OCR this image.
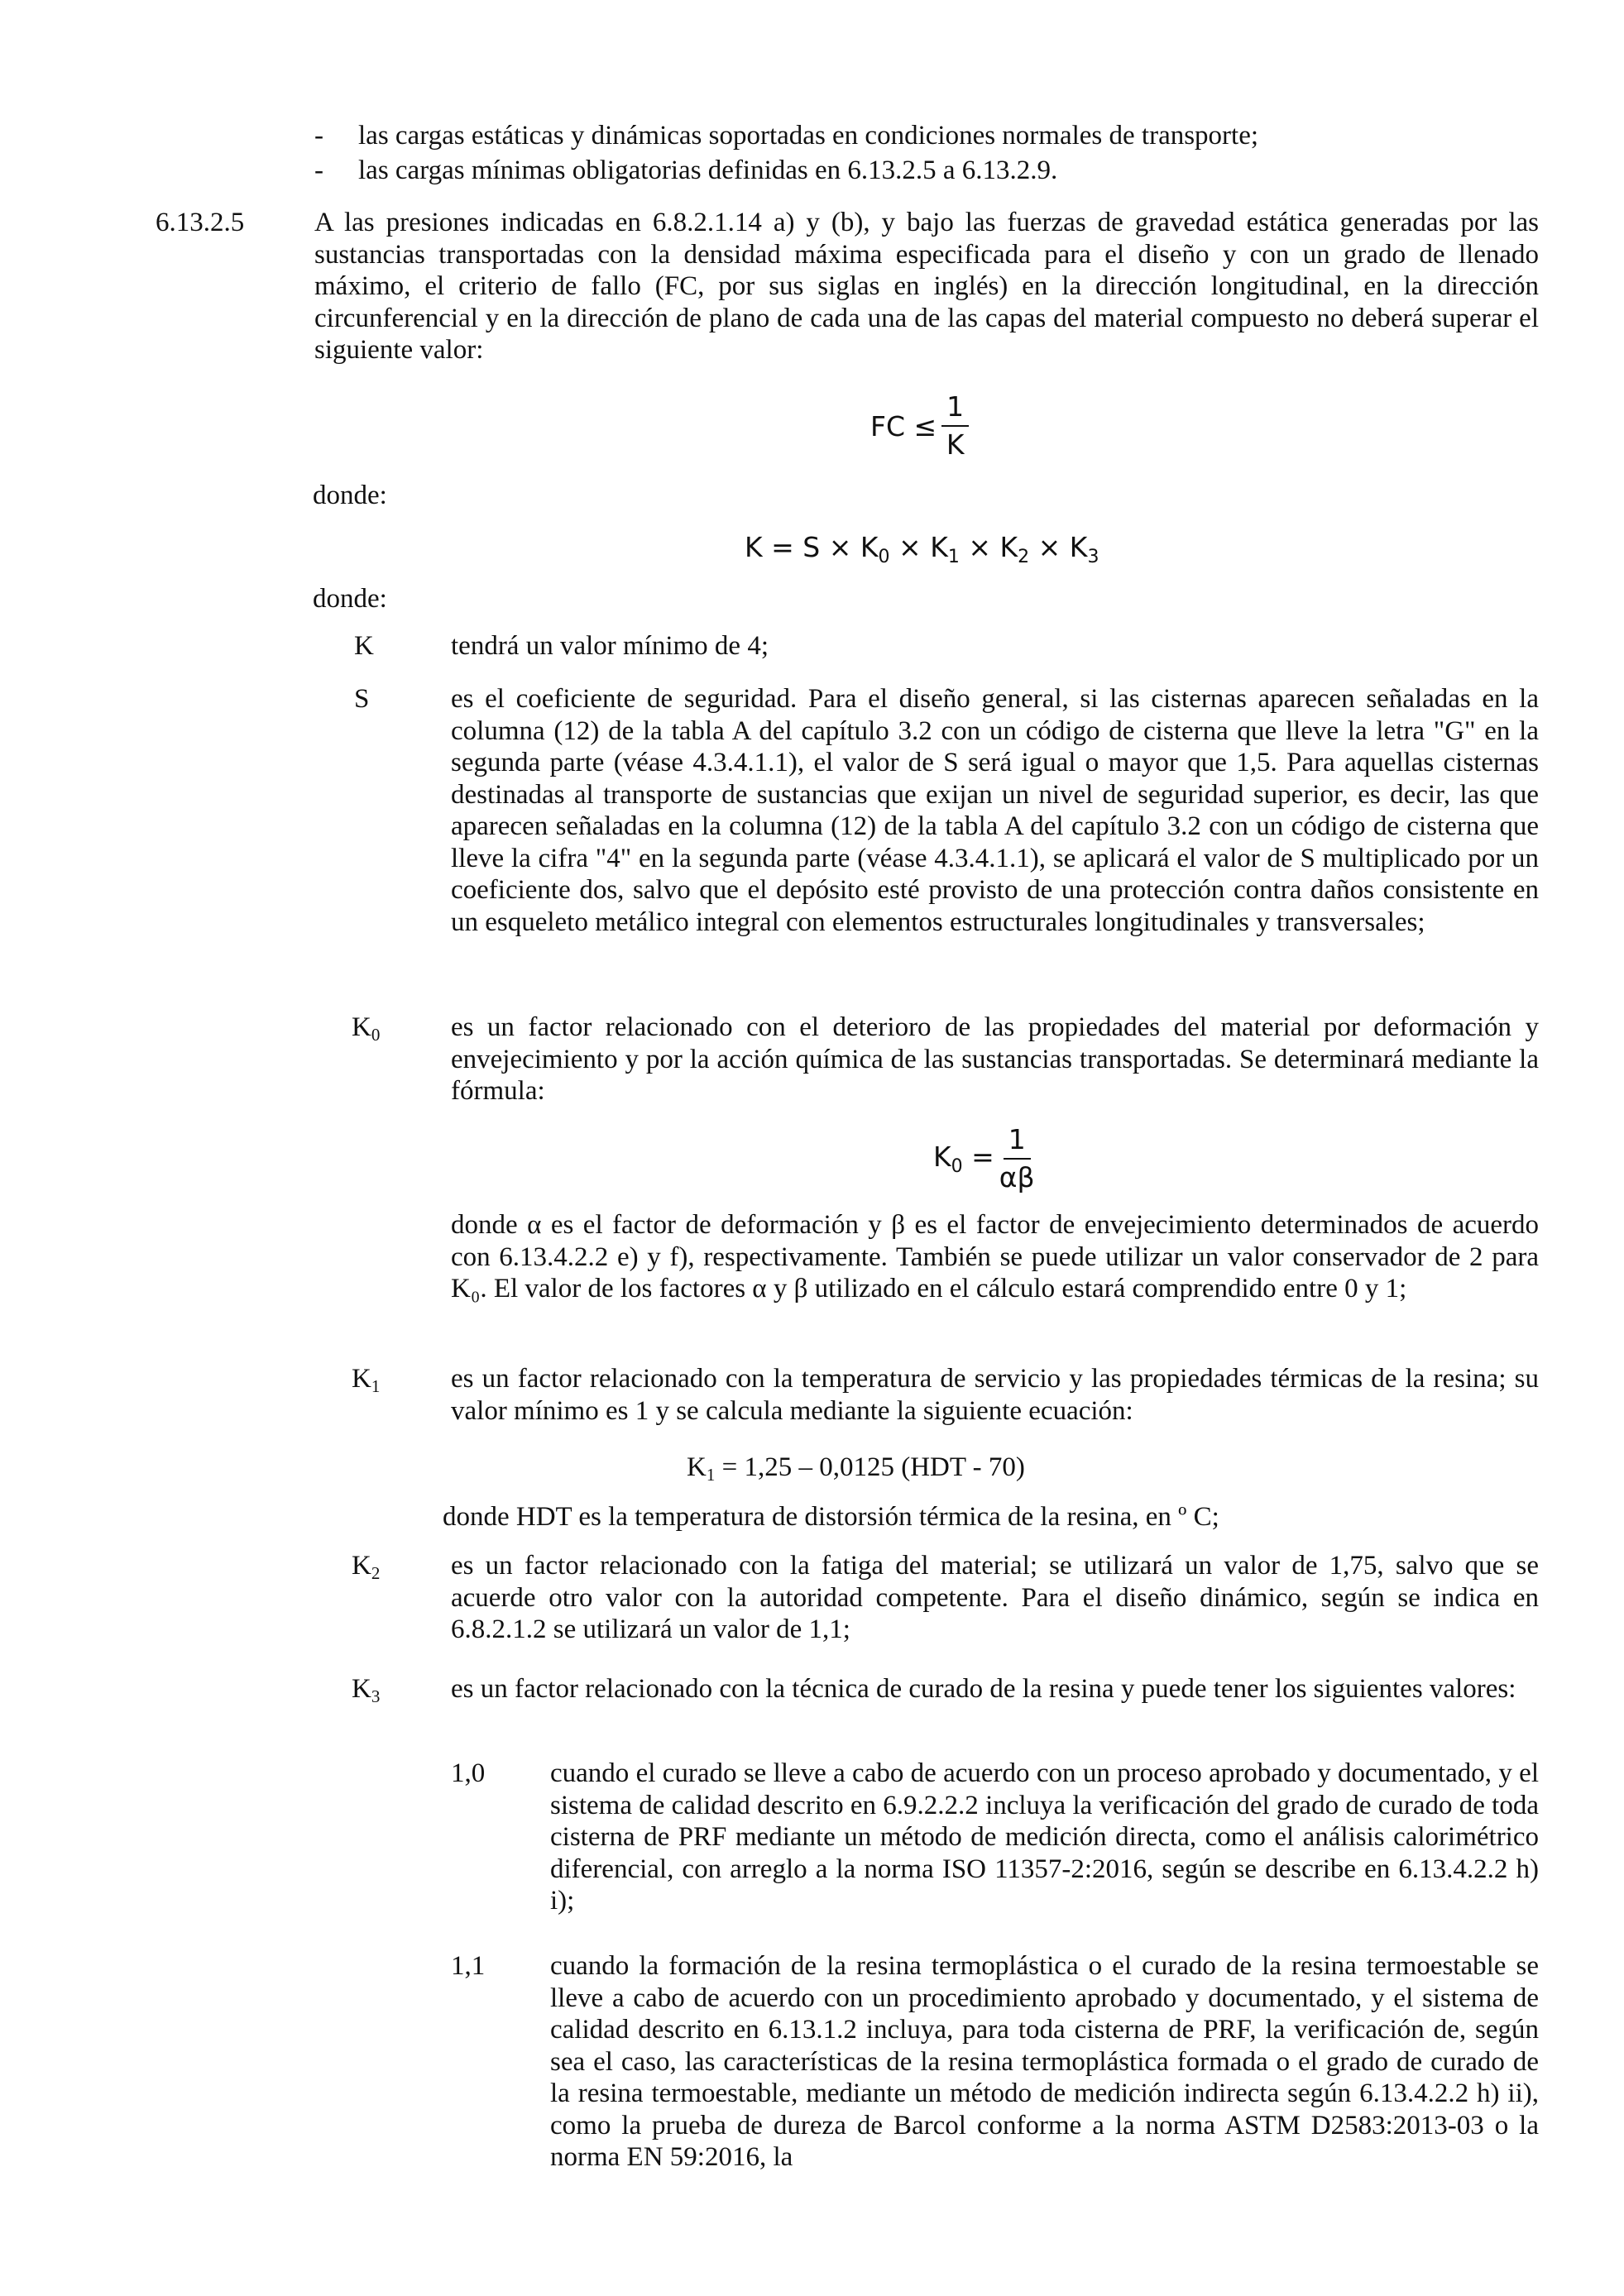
- las cargas estáticas y dinámicas soportadas en condiciones normales de transporte;
- las cargas mínimas obligatorias definidas en 6.13.2.5 a 6.13.2.9.
6.13.2.5	A las presiones indicadas en 6.8.2.1.14 a) y (b), y bajo las fuerzas de gravedad estática generadas por las sustancias transportadas con la densidad máxima especificada para el diseño y con un grado de llenado máximo, el criterio de fallo (FC, por sus siglas en inglés) en la dirección longitudinal, en la dirección circunferencial y en la dirección de plano de cada una de las capas del material compuesto no deberá superar el siguiente valor:

FC ≤ $\frac{1}{K}$
donde:
$K = S \times K_0 \times K_1 \times K_2 \times K_3$
donde:
K	tendrá un valor mínimo de 4;

S	es el coeficiente de seguridad. Para el diseño general, si las cisternas aparecen señaladas en la columna (12) de la tabla A del capítulo 3.2 con un código de cisterna que lleve la letra "G" en la segunda parte (véase 4.3.4.1.1), el valor de S será igual o mayor que 1,5. Para aquellas cisternas destinadas al transporte de sustancias que exijan un nivel de seguridad superior, es decir, las que aparecen señaladas en la columna (12) de la tabla A del capítulo 3.2 con un código de cisterna que lleve la cifra "4" en la segunda parte (véase 4.3.4.1.1), se aplicará el valor de S multiplicado por un coeficiente dos, salvo que el depósito esté provisto de una protección contra daños consistente en un esqueleto metálico integral con elementos estructurales longitudinales y transversales;

K0	es un factor relacionado con el deterioro de las propiedades del material por deformación y envejecimiento y por la acción química de las sustancias transportadas. Se determinará mediante la fórmula:

$K_0 = \frac{1}{\alpha\beta}$

donde α es el factor de deformación y β es el factor de envejecimiento determinados de acuerdo con 6.13.4.2.2 e) y f), respectivamente. También se puede utilizar un valor conservador de 2 para K₀. El valor de los factores α y β utilizado en el cálculo estará comprendido entre 0 y 1;

K1	es un factor relacionado con la temperatura de servicio y las propiedades térmicas de la resina; su valor mínimo es 1 y se calcula mediante la siguiente ecuación:

K1 = 1,25 – 0,0125 (HDT - 70)

donde HDT es la temperatura de distorsión térmica de la resina, en º C;

K2	es un factor relacionado con la fatiga del material; se utilizará un valor de 1,75, salvo que se acuerde otro valor con la autoridad competente. Para el diseño dinámico, según se indica en 6.8.2.1.2 se utilizará un valor de 1,1;

K3	es un factor relacionado con la técnica de curado de la resina y puede tener los siguientes valores:

1,0 cuando el curado se lleve a cabo de acuerdo con un proceso aprobado y documentado, y el sistema de calidad descrito en 6.9.2.2.2 incluya la verificación del grado de curado de toda cisterna de PRF mediante un método de medición directa, como el análisis calorimétrico diferencial, con arreglo a la norma ISO 11357-2:2016, según se describe en 6.13.4.2.2 h) i);

1,1 cuando la formación de la resina termoplástica o el curado de la resina termoestable se lleve a cabo de acuerdo con un procedimiento aprobado y documentado, y el sistema de calidad descrito en 6.13.1.2 incluya, para toda cisterna de PRF, la verificación de, según sea el caso, las características de la resina termoplástica formada o el grado de curado de la resina termoestable, mediante un método de medición indirecta según 6.13.4.2.2 h) ii), como la prueba de dureza de Barcol conforme a la norma ASTM D2583:2013-03 o la norma EN 59:2016, la
